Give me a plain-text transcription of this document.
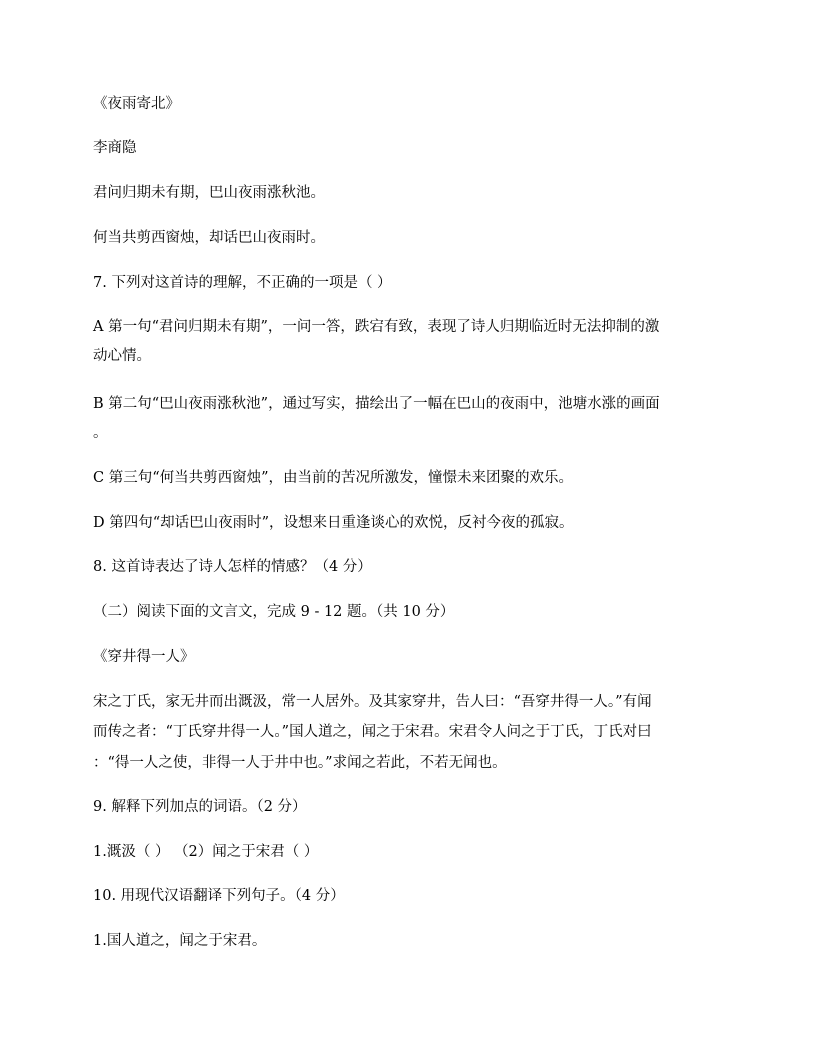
《夜雨寄北》
李商隐
君问归期未有期，巴山夜雨涨秋池。
何当共剪西窗烛，却话巴山夜雨时。
7. 下列对这首诗的理解，不正确的一项是（ ）
A 第一句“君问归期未有期”，一问一答，跌宕有致，表现了诗人归期临近时无法抑制的激
动心情。
B 第二句“巴山夜雨涨秋池”，通过写实，描绘出了一幅在巴山的夜雨中，池塘水涨的画面
。
C 第三句“何当共剪西窗烛”，由当前的苦况所激发，憧憬未来团聚的欢乐。
D 第四句“却话巴山夜雨时”，设想来日重逢谈心的欢悦，反衬今夜的孤寂。
8. 这首诗表达了诗人怎样的情感？（4 分）
（二）阅读下面的文言文，完成 9 - 12 题。（共 10 分）
《穿井得一人》
宋之丁氏，家无井而出溉汲，常一人居外。及其家穿井，告人曰：“吾穿井得一人。”有闻
而传之者：“丁氏穿井得一人。”国人道之，闻之于宋君。宋君令人问之于丁氏，丁氏对曰
：“得一人之使，非得一人于井中也。”求闻之若此，不若无闻也。
9. 解释下列加点的词语。（2 分）
1.溉汲（ ） （2）闻之于宋君（ ）
10. 用现代汉语翻译下列句子。（4 分）
1.国人道之，闻之于宋君。
